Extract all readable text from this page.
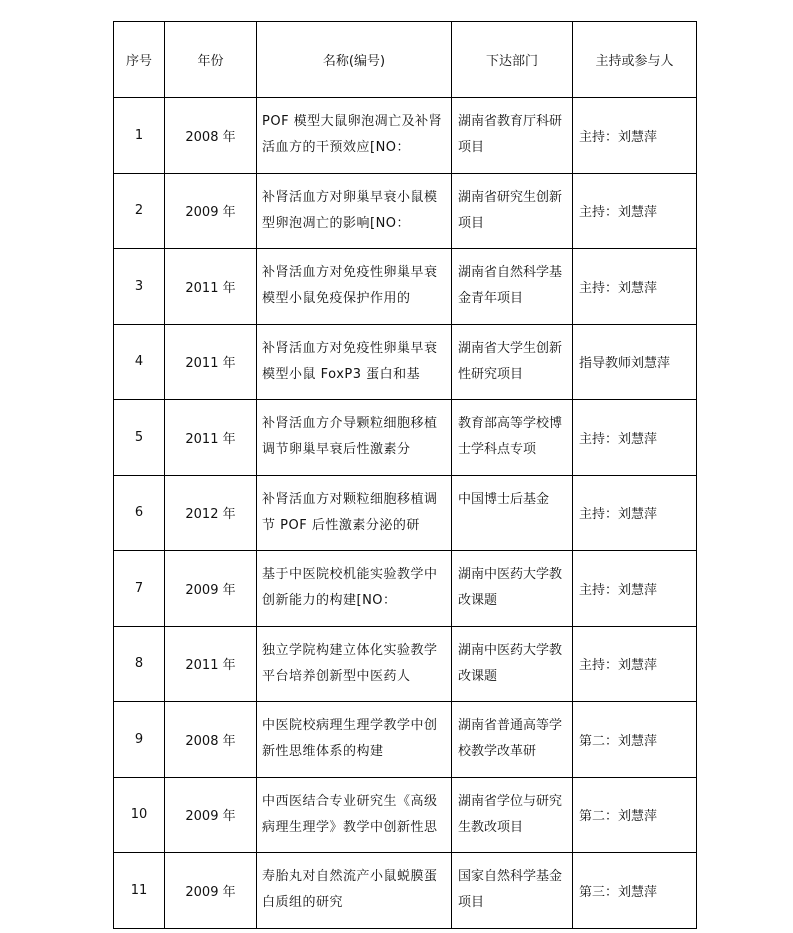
序号	年份	名称(编号)	下达部门	主持或参与人
1	2008 年	POF 模型大鼠卵泡凋亡及补肾活血方的干预效应[NO：	湖南省教育厅科研项目	主持：刘慧萍
2	2009 年	补肾活血方对卵巢早衰小鼠模型卵泡凋亡的影响[NO：	湖南省研究生创新项目	主持：刘慧萍
3	2011 年	补肾活血方对免疫性卵巢早衰模型小鼠免疫保护作用的	湖南省自然科学基金青年项目	主持：刘慧萍
4	2011 年	补肾活血方对免疫性卵巢早衰模型小鼠 FoxP3 蛋白和基	湖南省大学生创新性研究项目	指导教师刘慧萍
5	2011 年	补肾活血方介导颗粒细胞移植调节卵巢早衰后性激素分	教育部高等学校博士学科点专项	主持：刘慧萍
6	2012 年	补肾活血方对颗粒细胞移植调节 POF 后性激素分泌的研	中国博士后基金	主持：刘慧萍
7	2009 年	基于中医院校机能实验教学中创新能力的构建[NO：	湖南中医药大学教改课题	主持：刘慧萍
8	2011 年	独立学院构建立体化实验教学平台培养创新型中医药人	湖南中医药大学教改课题	主持：刘慧萍
9	2008 年	中医院校病理生理学教学中创新性思维体系的构建	湖南省普通高等学校教学改革研	第二：刘慧萍
10	2009 年	中西医结合专业研究生《高级病理生理学》教学中创新性思	湖南省学位与研究生教改项目	第二：刘慧萍
11	2009 年	寿胎丸对自然流产小鼠蜕膜蛋白质组的研究	国家自然科学基金项目	第三：刘慧萍
